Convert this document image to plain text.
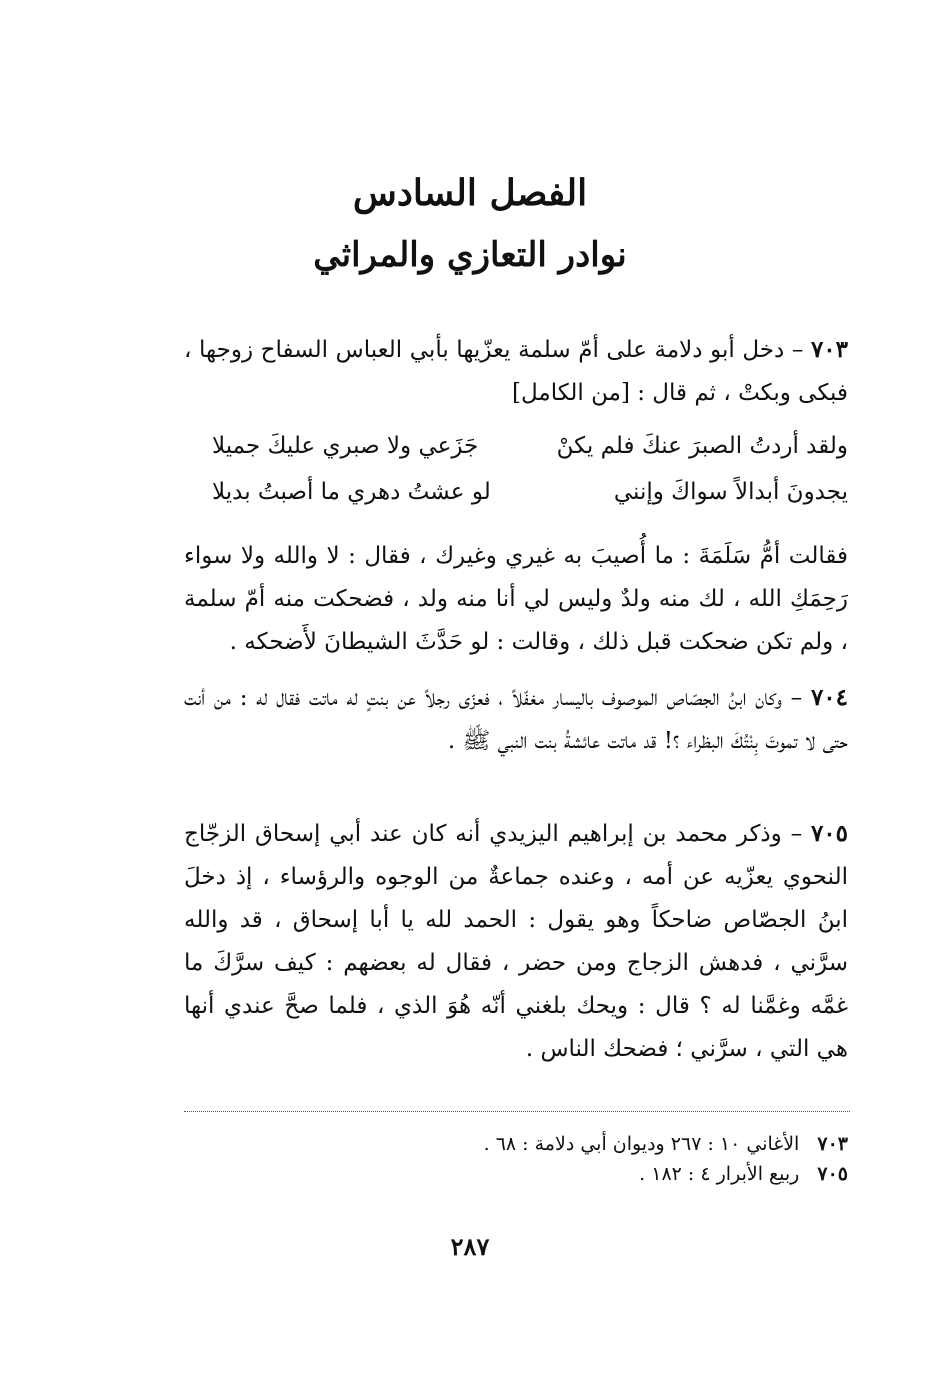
الفصل السادس
نوادر التعازي والمراثي
٧٠٣ – دخل أبو دلامة على أمّ سلمة يعزّيها بأبي العباس السفاح زوجها ، فبكى وبكتْ ، ثم قال : [من الكامل]
ولقد أردتُ الصبرَ عنكَ فلم يكنْ
جَزَعي ولا صبري عليكَ جميلا
يجدونَ أبدالاً سواكَ وإنني
لو عشتُ دهري ما أصبتُ بديلا
فقالت أمُّ سَلَمَةَ : ما أُصيبَ به غيري وغيرك ، فقال : لا والله ولا سواء رَحِمَكِ الله ، لك منه ولدٌ وليس لي أنا منه ولد ، فضحكت منه أمّ سلمة ، ولم تكن ضحكت قبل ذلك ، وقالت : لو حَدَّثَ الشيطانَ لأَضحكه .
٧٠٤ – وكان ابنُ الجصّاص الموصوف باليسار مغفّلاً ، فعزّى رجلاً عن بنتٍ له ماتت فقال له : من أنت حتى لا تموتَ بِنْتُكَ البظراء ؟! قد ماتت عائشةُ بنت النبي ﷺ .
٧٠٥ – وذكر محمد بن إبراهيم اليزيدي أنه كان عند أبي إسحاق الزجّاج النحوي يعزّيه عن أمه ، وعنده جماعةٌ من الوجوه والرؤساء ، إذ دخلَ ابنُ الجصّاص ضاحكاً وهو يقول : الحمد لله يا أبا إسحاق ، قد والله سرَّني ، فدهش الزجاج ومن حضر ، فقال له بعضهم : كيف سرَّكَ ما غمَّه وغمَّنا له ؟ قال : ويحك بلغني أنّه هُوَ الذي ، فلما صحَّ عندي أنها هي التي ، سرَّني ؛ فضحك الناس .
٧٠٣ الأغاني ١٠ : ٢٦٧ وديوان أبي دلامة : ٦٨ .
٧٠٥ ربيع الأبرار ٤ : ١٨٢ .
٢٨٧
